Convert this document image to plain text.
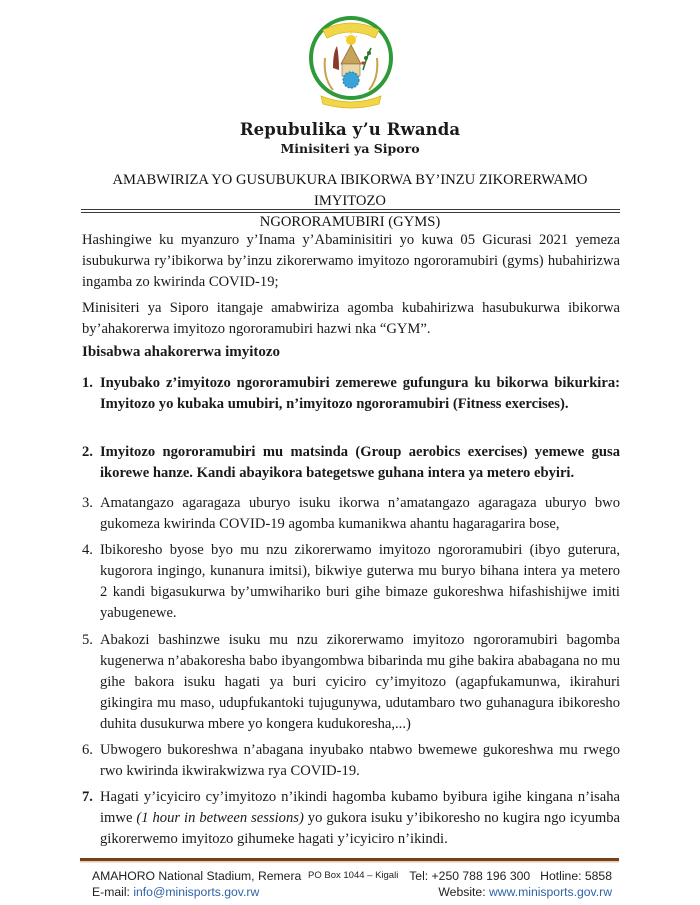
Repubulika y’u Rwanda
Minisiteri ya Siporo
AMABWIRIZA YO GUSUBUKURA IBIKORWA BY’INZU ZIKORERWAMO IMYITOZO
NGORORAMUBIRI (GYMS)
Hashingiwe ku myanzuro y’Inama y’Abaminisitiri yo kuwa 05 Gicurasi 2021 yemeza isubukurwa ry’ibikorwa by’inzu zikorerwamo imyitozo ngororamubiri (gyms) hubahirizwa ingamba zo kwirinda COVID-19;
Minisiteri ya Siporo itangaje amabwiriza agomba kubahirizwa hasubukurwa ibikorwa by’ahakorerwa imyitozo ngororamubiri hazwi nka “GYM”.
Ibisabwa ahakorerwa imyitozo
1. Inyubako z’imyitozo ngororamubiri zemerewe gufungura ku bikorwa bikurkira: Imyitozo yo kubaka umubiri, n’imyitozo ngororamubiri (Fitness exercises).
2. Imyitozo ngororamubiri mu matsinda (Group aerobics exercises) yemewe gusa ikorewe hanze. Kandi abayikora bategetswe guhana intera ya metero ebyiri.
3. Amatangazo agaragaza uburyo isuku ikorwa n’amatangazo agaragaza uburyo bwo gukomeza kwirinda COVID-19 agomba kumanikwa ahantu hagaragarira bose,
4. Ibikoresho byose byo mu nzu zikorerwamo imyitozo ngororamubiri (ibyo guterura, kugorora ingingo, kunanura imitsi), bikwiye guterwa mu buryo bihana intera ya metero 2 kandi bigasukurwa by’umwihariko buri gihe bimaze gukoreshwa hifashishijwe imiti yabugenewe.
5. Abakozi bashinzwe isuku mu nzu zikorerwamo imyitozo ngororamubiri bagomba kugenerwa n’abakoresha babo ibyangombwa bibarinda mu gihe bakira ababagana no mu gihe bakora isuku hagati ya buri cyiciro cy’imyitozo (agapfukamunwa, ikirahuri gikingira mu maso, udupfukantoki tujugunywa, udutambaro two guhanagura ibikoresho duhita dusukurwa mbere yo kongera kudukoresha,...)
6. Ubwogero bukoreshwa n’abagana inyubako ntabwo bwemewe gukoreshwa mu rwego rwo kwirinda ikwirakwizwa rya COVID-19.
7. Hagati y’icyiciro cy’imyitozo n’ikindi hagomba kubamo byibura igihe kingana n’isaha imwe (1 hour in between sessions) yo gukora isuku y’ibikoresho no kugira ngo icyumba gikorerwemo imyitozo gihumeke hagati y’icyiciro n’ikindi.
AMAHORO National Stadium, Remera PO Box 1044 – Kigali Tel: +250 788 196 300 Hotline: 5858
E-mail: info@minisports.gov.rw	Website: www.minisports.gov.rw
